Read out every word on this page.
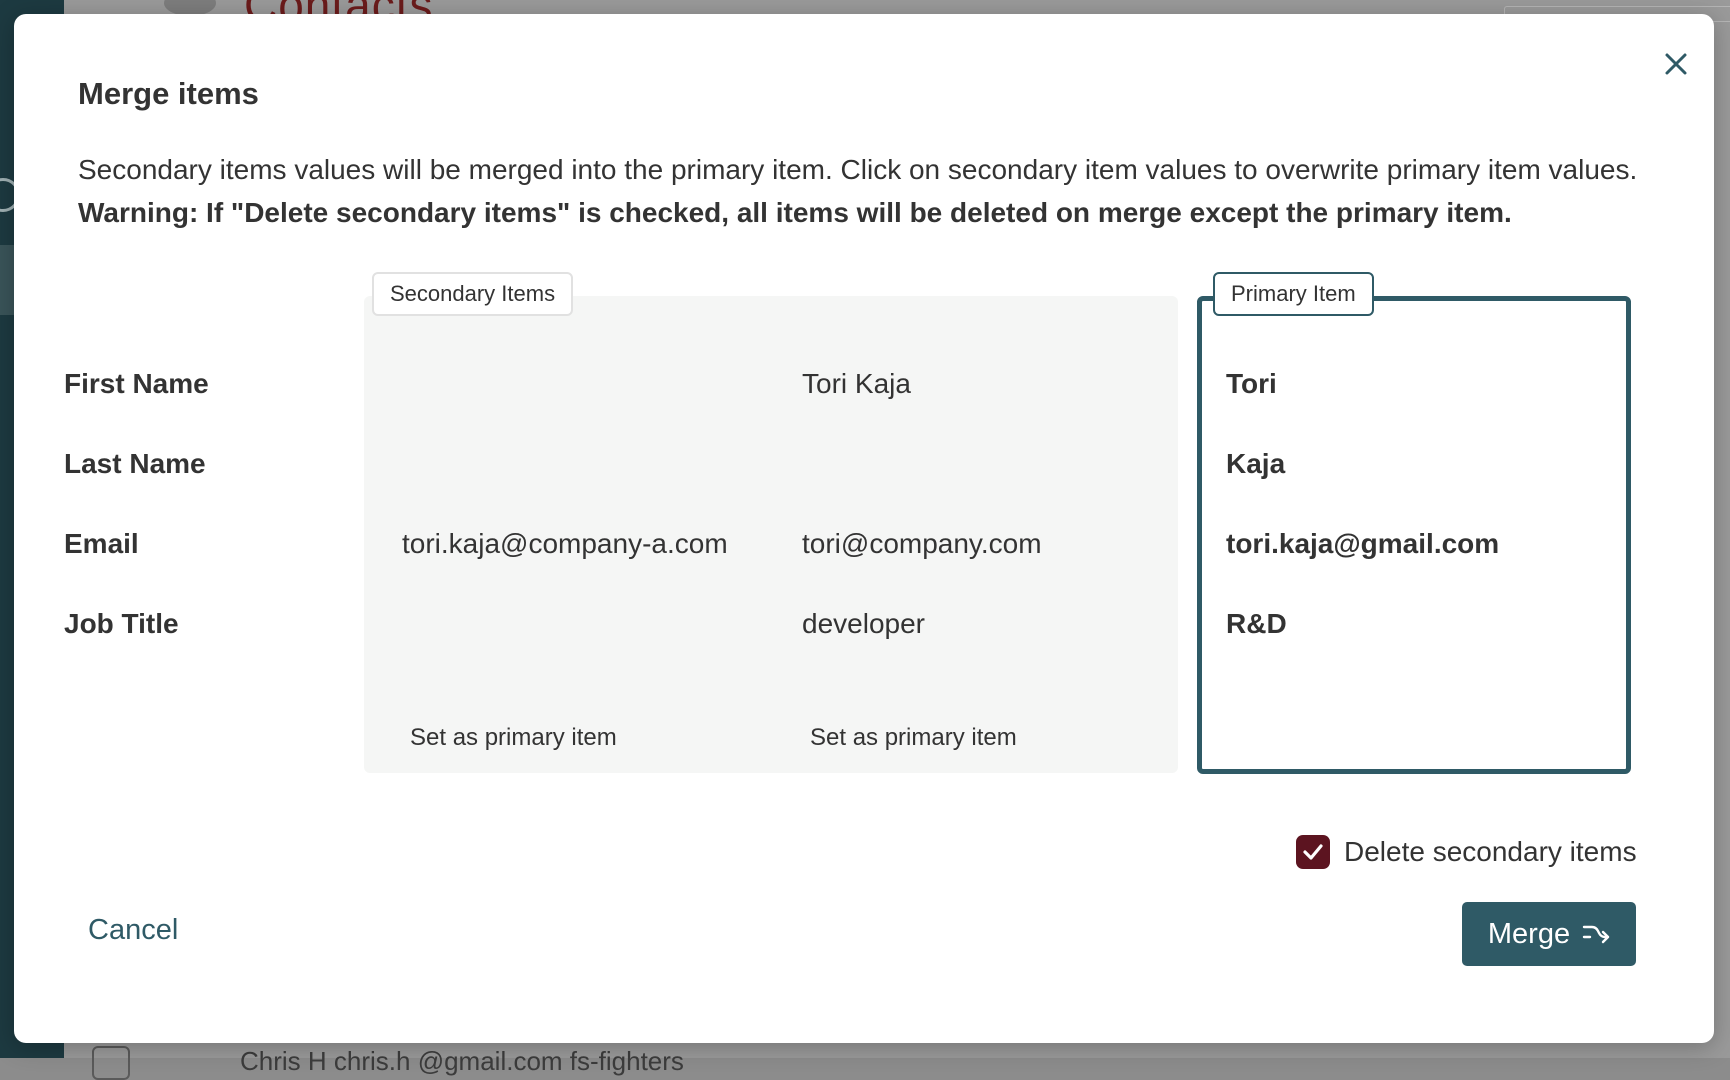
Chris H chris.h @gmail.com fs-fighters
Merge items
Secondary items values will be merged into the primary item. Click on secondary item values to overwrite primary item values.
Warning: If "Delete secondary items" is checked, all items will be deleted on merge except the primary item.
First Name
Last Name
Email
Job Title
Secondary Items
tori.kaja@company-a.com
Set as primary item
Tori Kaja
tori@company.com
developer
Set as primary item
Primary Item
Tori
Kaja
tori.kaja@gmail.com
R&D
Delete secondary items
Cancel	Merge
